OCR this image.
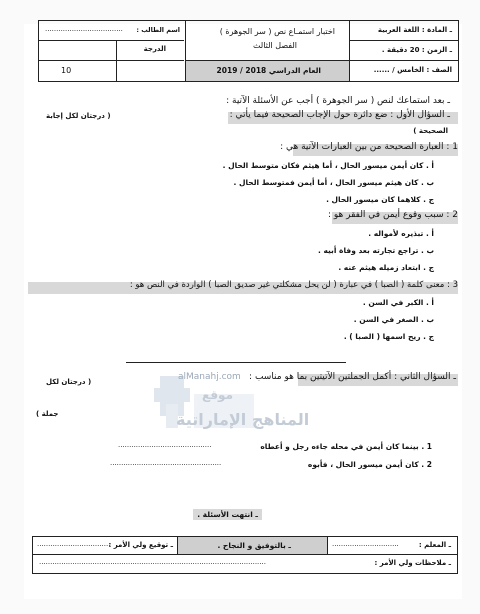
ـ المادة : اللغة العربية
ـ الزمن : 20 دقيقة .
الصف : الخامس / ......
اختبار استمـاع نص ( سر الجوهرة )
الفصل الثالث
العام الدراسي 2018 / 2019
اسم الطالب :
...................................
الدرجة
10
ـ بعد استماعك لنص ( سر الجوهرة ) أجب عن الأسئلة الآتية :
ـ السؤال الأول : ضع دائرة حول الإجاب الصحيحة فيما يأتي :
( درجتان لكل إجابة
الصحيحة )
1 : العبارة الصحيحة من بين العبارات الآتية هي :
أ . كان أيمن ميسور الحال ، أما هيثم فكان متوسط الحال .
ب . كان هيثم ميسور الحال ، أما أيمن فمتوسط الحال .
ج . كلاهما كان ميسور الحال .
2 : سبب وقوع أيمن في الفقر هو :
أ . تبذيره لأمواله .
ب . تراجع تجارته بعد وفاة أبيه .
ج . ابتعاد زميله هيثم عنه .
3 : معنى كلمة ( الصبا ) في عبارة ( لن يحل مشكلتي غير صديق الصبا ) الواردة في النص هو :
أ . الكبر في السن .
ب . الصغر في السن .
ج . ريح اسمها ( الصبا ) .
alManahj.com
موقع
المناهج الإماراتية
ـ السؤال الثاني : أكمل الجملتين الآتيتين بما هو مناسب :
( درجتان لكل
جملة )
1 . بينما كان أيمن في محله جاءه رجل و أعطاه
..........................................
2 . كان أيمن ميسور الحال ، فأبوه
..................................................
ـ انتهت الأسئلة .
ـ المعلم :
..............................
ـ بالتوفيق و النجاح .
ـ توقيع ولي الأمر :
.................................
ـ ملاحظات ولي الأمر :
......................................................................................................
